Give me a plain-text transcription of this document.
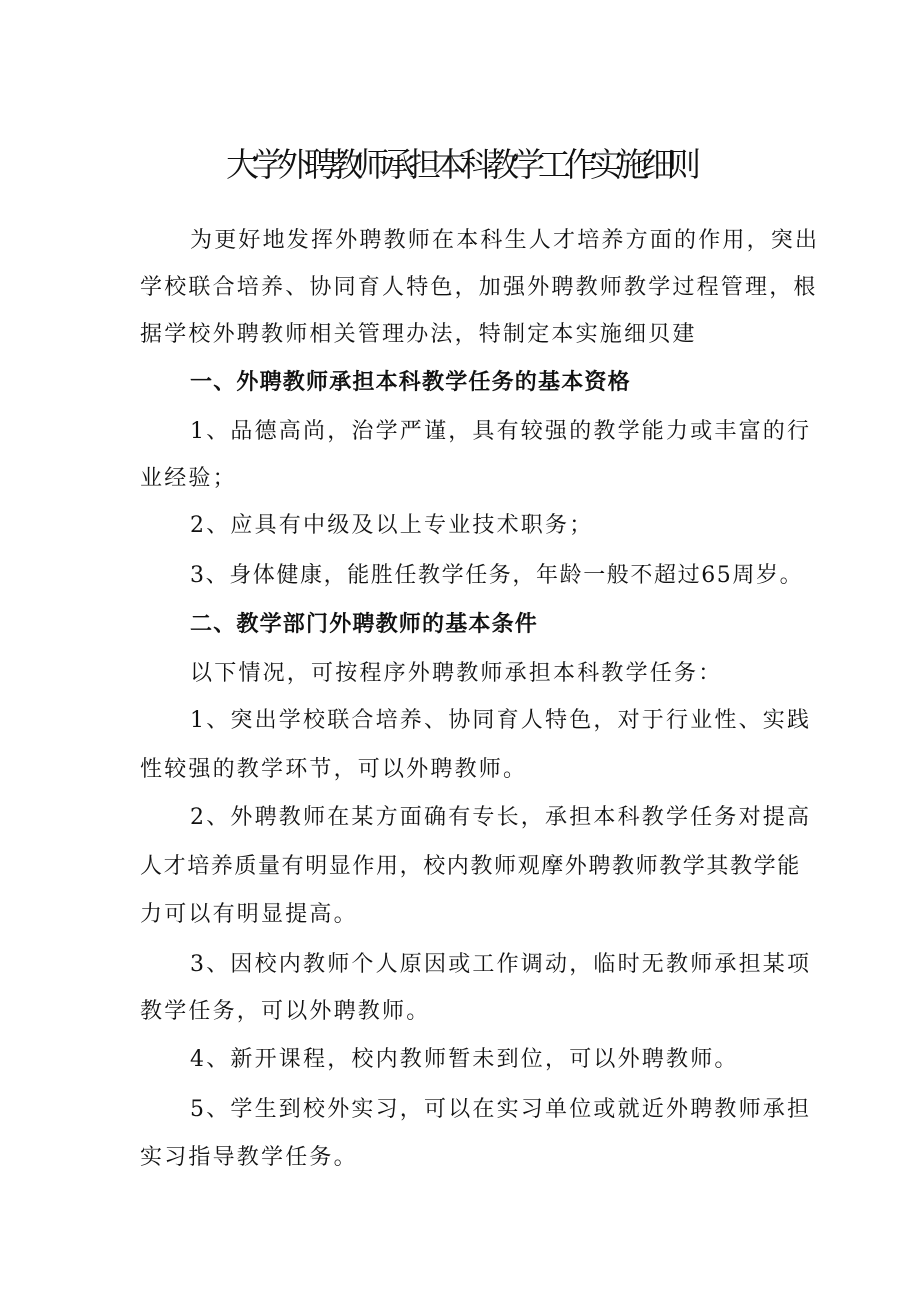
大学外聘教师承担本科教学工作实施细则
为更好地发挥外聘教师在本科生人才培养方面的作用，突出
学校联合培养、协同育人特色，加强外聘教师教学过程管理，根
据学校外聘教师相关管理办法，特制定本实施细贝建
一、外聘教师承担本科教学任务的基本资格
1、品德高尚，治学严谨，具有较强的教学能力或丰富的行
业经验；
2、应具有中级及以上专业技术职务；
3、身体健康，能胜任教学任务，年龄一般不超过65周岁。
二、教学部门外聘教师的基本条件
以下情况，可按程序外聘教师承担本科教学任务：
1、突出学校联合培养、协同育人特色，对于行业性、实践
性较强的教学环节，可以外聘教师。
2、外聘教师在某方面确有专长，承担本科教学任务对提高
人才培养质量有明显作用，校内教师观摩外聘教师教学其教学能
力可以有明显提高。
3、因校内教师个人原因或工作调动，临时无教师承担某项
教学任务，可以外聘教师。
4、新开课程，校内教师暂未到位，可以外聘教师。
5、学生到校外实习，可以在实习单位或就近外聘教师承担
实习指导教学任务。
